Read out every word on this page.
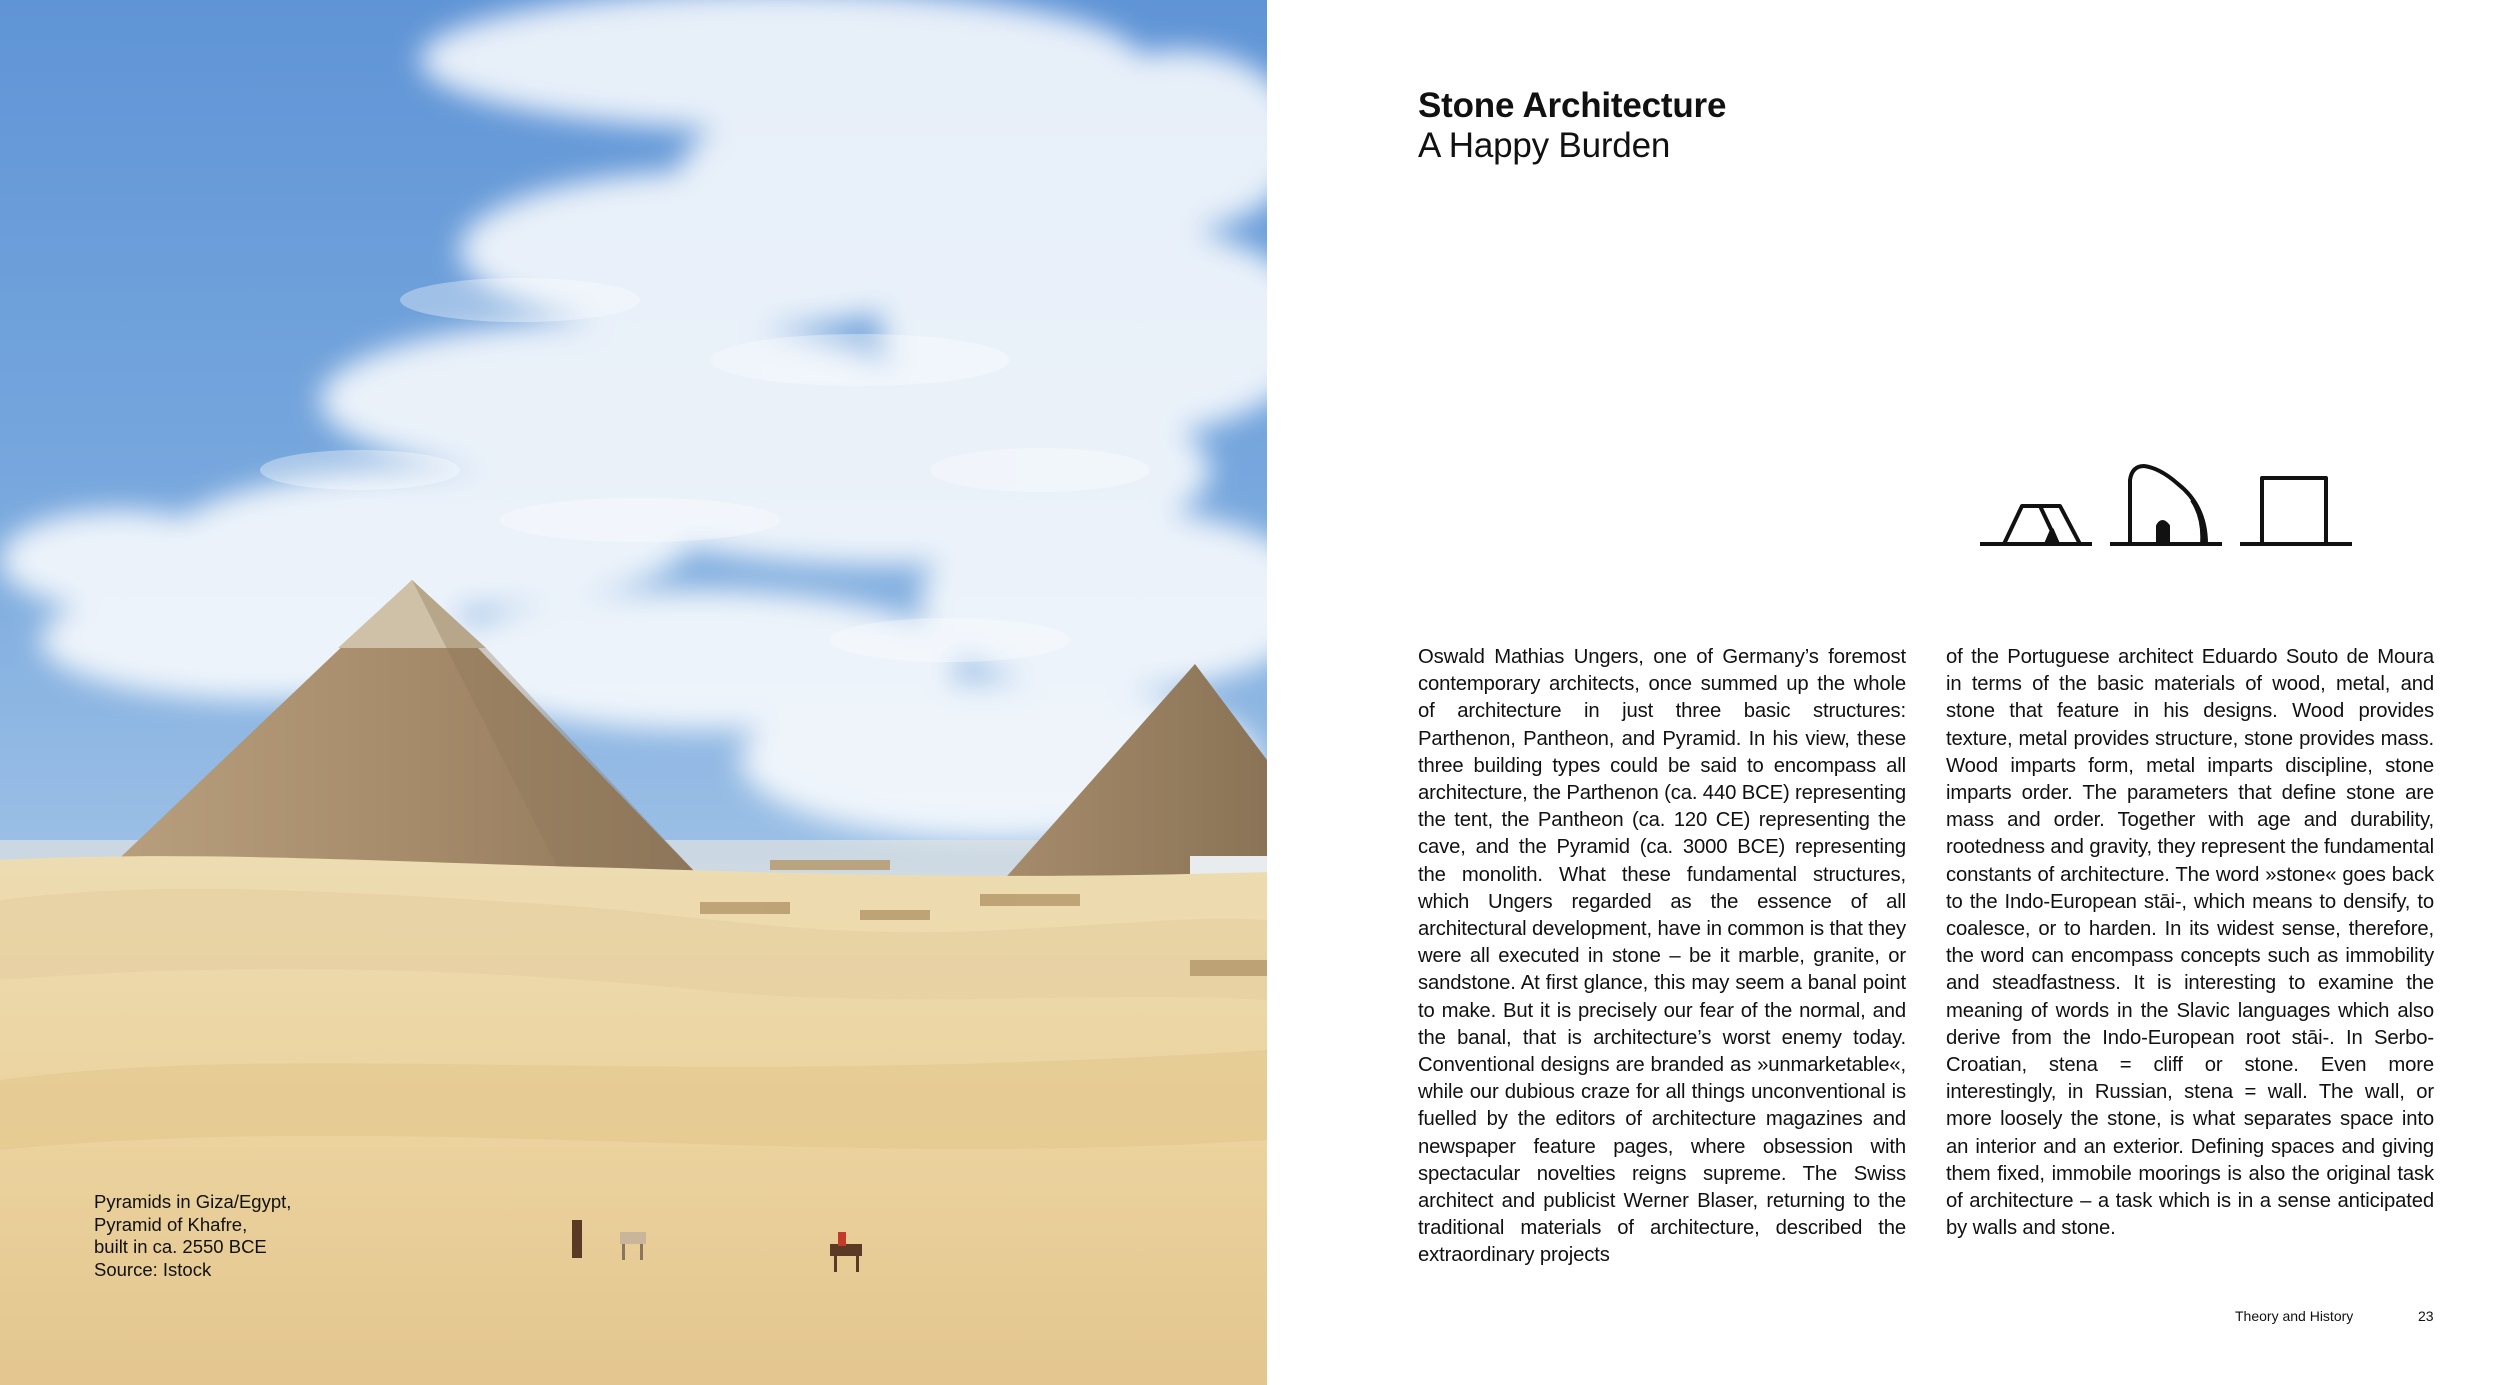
Pyramids in Giza/Egypt,
Pyramid of Khafre,
built in ca. 2550 BCE
Source: Istock
Stone Architecture
A Happy Burden
Oswald Mathias Ungers, one of Germany’s foremost contemporary architects, once summed up the whole of architecture in just three basic structures: Parthenon, Pantheon, and Pyramid. In his view, these three building types could be said to encompass all architecture, the Parthenon (ca. 440 BCE) representing the tent, the Pantheon (ca. 120 CE) representing the cave, and the Pyramid (ca. 3000 BCE) representing the monolith. What these fundamental structures, which Ungers regarded as the essence of all architectural development, have in common is that they were all executed in stone – be it marble, granite, or sandstone. At first glance, this may seem a banal point to make. But it is precisely our fear of the normal, and the banal, that is architecture’s worst enemy today. Conventional designs are branded as »unmarketable«, while our dubious craze for all things unconventional is fuelled by the editors of architecture magazines and newspaper feature pages, where obsession with spectacular novelties reigns supreme. The Swiss architect and publicist Werner Blaser, returning to the traditional materials of architecture, described the extraordinary projects
of the Portuguese architect Eduardo Souto de Moura in terms of the basic materials of wood, metal, and stone that feature in his designs. Wood provides texture, metal provides structure, stone provides mass. Wood imparts form, metal imparts discipline, stone imparts order. The parameters that define stone are mass and order. Together with age and durability, rootedness and gravity, they represent the fundamental constants of architecture. The word »stone« goes back to the Indo-European stāi-, which means to densify, to coalesce, or to harden. In its widest sense, therefore, the word can encompass concepts such as immobility and steadfastness. It is interesting to examine the meaning of words in the Slavic languages which also derive from the Indo-European root stāi-. In Serbo-Croatian, stena = cliff or stone. Even more interestingly, in Russian, stena = wall. The wall, or more loosely the stone, is what separates space into an interior and an exterior. Defining spaces and giving them fixed, immobile moorings is also the original task of architecture – a task which is in a sense anticipated by walls and stone.
Theory and History	23
